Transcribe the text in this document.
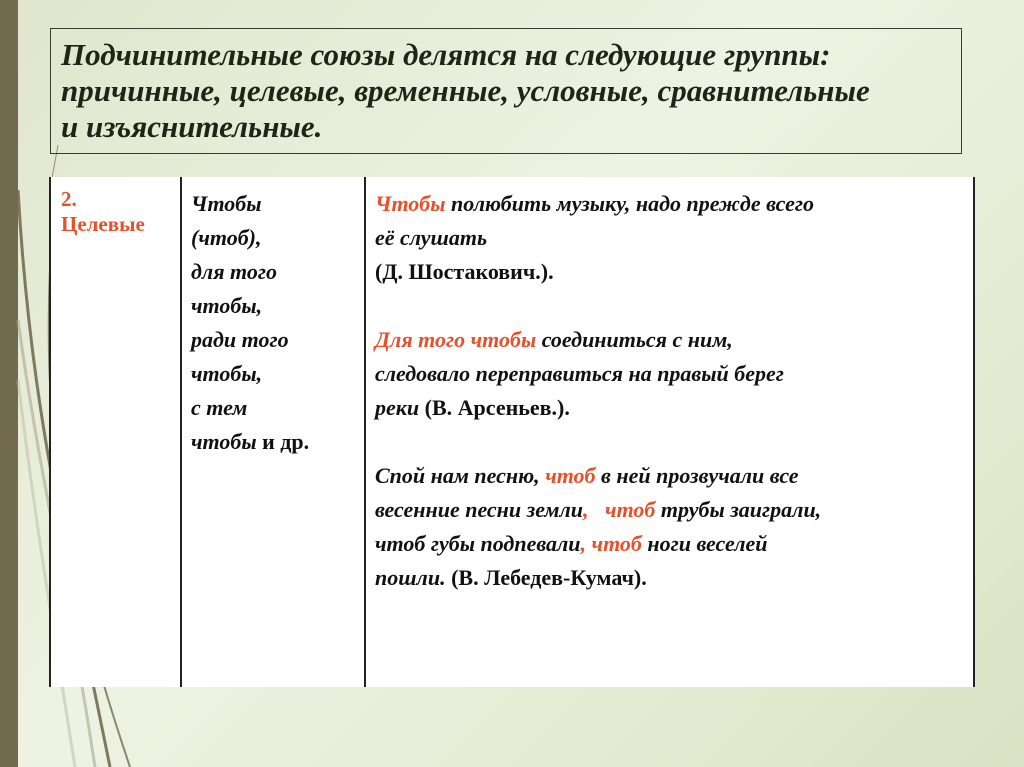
Подчинительные союзы делятся на следующие группы:

причинные, целевые, временные, условные, сравнительные

и изъяснительные.

2.
Целевые
Чтобы
(чтоб),
для того
чтобы,
ради того
чтобы,
с тем
чтобы и др.
Чтобы полюбить музыку, надо прежде всего
её слушать
(Д. Шостакович.).
Для того чтобы соединиться с ним,
следовало переправиться на правый берег
реки (В. Арсеньев.).
Спой нам песню, чтоб в ней прозвучали все
весенние песни земли,   чтоб трубы заиграли,
чтоб губы подпевали, чтоб ноги веселей
пошли. (В. Лебедев-Кумач).
